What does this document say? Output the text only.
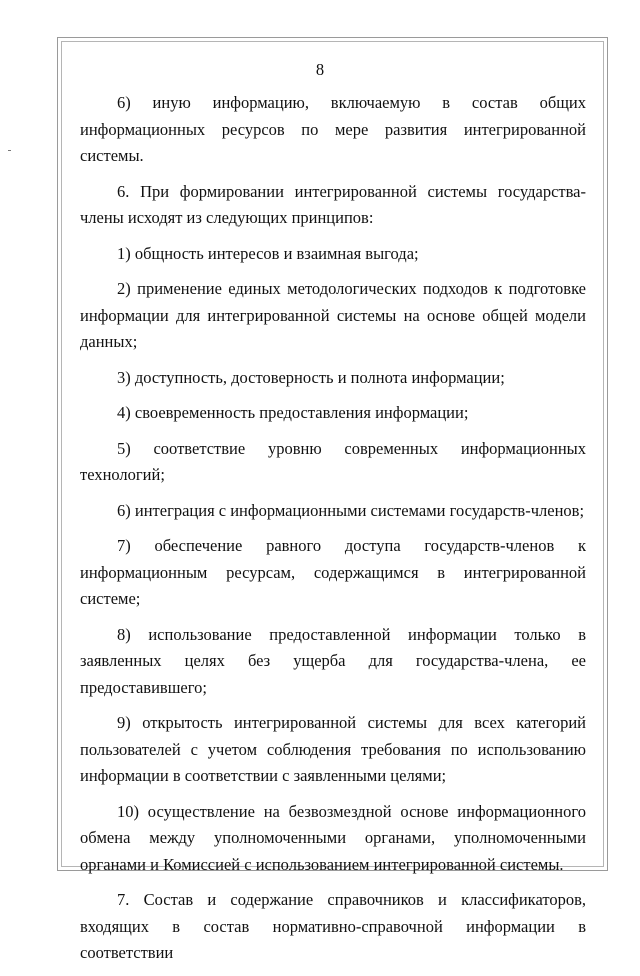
8

6) иную информацию, включаемую в состав общих информационных ресурсов по мере развития интегрированной системы.

6. При формировании интегрированной системы государства-члены исходят из следующих принципов:

1) общность интересов и взаимная выгода;

2) применение единых методологических подходов к подготовке информации для интегрированной системы на основе общей модели данных;

3) доступность, достоверность и полнота информации;

4) своевременность предоставления информации;

5) соответствие уровню современных информационных технологий;

6) интеграция с информационными системами государств-членов;

7) обеспечение равного доступа государств-членов к информационным ресурсам, содержащимся в интегрированной системе;

8) использование предоставленной информации только в заявленных целях без ущерба для государства-члена, ее предоставившего;

9) открытость интегрированной системы для всех категорий пользователей с учетом соблюдения требования по использованию информации в соответствии с заявленными целями;

10) осуществление на безвозмездной основе информационного обмена между уполномоченными органами, уполномоченными органами и Комиссией с использованием интегрированной системы.

7. Состав и содержание справочников и классификаторов, входящих в состав нормативно-справочной информации в соответствии
